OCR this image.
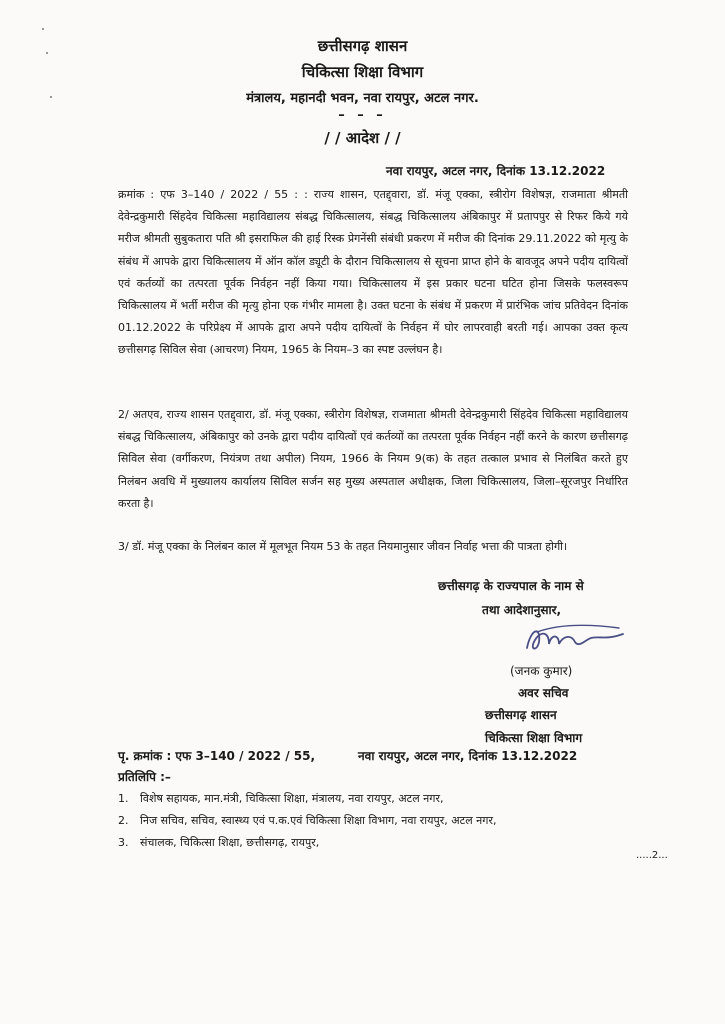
छत्तीसगढ़ शासन
चिकित्सा शिक्षा विभाग
मंत्रालय, महानदी भवन, नवा रायपुर, अटल नगर.
– – –
/ / आदेश / /
नवा रायपुर, अटल नगर, दिनांक 13.12.2022

क्रमांक : एफ 3–140 / 2022 / 55 : : राज्य शासन, एतद्द्वारा, डॉ. मंजू एक्का, स्त्रीरोग विशेषज्ञ, राजमाता श्रीमती देवेन्द्रकुमारी सिंहदेव चिकित्सा महाविद्यालय संबद्ध चिकित्सालय, संबद्ध चिकित्सालय अंबिकापुर में प्रतापपुर से रिफर किये गये मरीज श्रीमती सुबुकतारा पति श्री इसराफिल की हाई रिस्क प्रेगनेंसी संबंधी प्रकरण में मरीज की दिनांक 29.11.2022 को मृत्यु के संबंध में आपके द्वारा चिकित्सालय में ऑन कॉल ड्यूटी के दौरान चिकित्सालय से सूचना प्राप्त होने के बावजूद अपने पदीय दायित्वों एवं कर्तव्यों का तत्परता पूर्वक निर्वहन नहीं किया गया। चिकित्सालय में इस प्रकार घटना घटित होना जिसके फलस्वरूप चिकित्सालय में भर्ती मरीज की मृत्यु होना एक गंभीर मामला है। उक्त घटना के संबंध में प्रकरण में प्रारंभिक जांच प्रतिवेदन दिनांक 01.12.2022 के परिप्रेक्ष्य में आपके द्वारा अपने पदीय दायित्वों के निर्वहन में घोर लापरवाही बरती गई। आपका उक्त कृत्य छत्तीसगढ़ सिविल सेवा (आचरण) नियम, 1965 के नियम–3 का स्पष्ट उल्लंघन है।

2/ अतएव, राज्य शासन एतद्द्वारा, डॉ. मंजू एक्का, स्त्रीरोग विशेषज्ञ, राजमाता श्रीमती देवेन्द्रकुमारी सिंहदेव चिकित्सा महाविद्यालय संबद्ध चिकित्सालय, अंबिकापुर को उनके द्वारा पदीय दायित्वों एवं कर्तव्यों का तत्परता पूर्वक निर्वहन नहीं करने के कारण छत्तीसगढ़ सिविल सेवा (वर्गीकरण, नियंत्रण तथा अपील) नियम, 1966 के नियम 9(क) के तहत तत्काल प्रभाव से निलंबित करते हुए निलंबन अवधि में मुख्यालय कार्यालय सिविल सर्जन सह मुख्य अस्पताल अधीक्षक, जिला चिकित्सालय, जिला–सूरजपुर निर्धारित करता है।

3/ डॉ. मंजू एक्का के निलंबन काल में मूलभूत नियम 53 के तहत नियमानुसार जीवन निर्वाह भत्ता की पात्रता होगी।

छत्तीसगढ़ के राज्यपाल के नाम से
तथा आदेशानुसार,
(जनक कुमार)
अवर सचिव
छत्तीसगढ़ शासन
चिकित्सा शिक्षा विभाग
पृ. क्रमांक : एफ 3–140 / 2022 / 55,	नवा रायपुर, अटल नगर, दिनांक 13.12.2022
प्रतिलिपि :–
1. विशेष सहायक, मान.मंत्री, चिकित्सा शिक्षा, मंत्रालय, नवा रायपुर, अटल नगर,
2. निज सचिव, सचिव, स्वास्थ्य एवं प.क.एवं चिकित्सा शिक्षा विभाग, नवा रायपुर, अटल नगर,
3. संचालक, चिकित्सा शिक्षा, छत्तीसगढ़, रायपुर,
.....2...
